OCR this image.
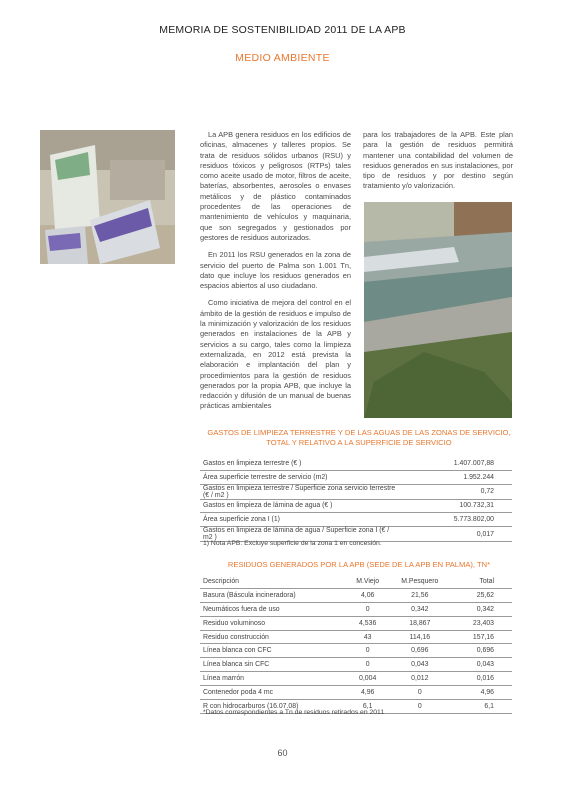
MEMORIA DE SOSTENIBILIDAD 2011 DE LA APB
MEDIO AMBIENTE

La APB genera residuos en los edificios de oficinas, almacenes y talleres propios. Se trata de residuos sólidos urbanos (RSU) y residuos tóxicos y peligrosos (RTPs) tales como aceite usado de motor, filtros de aceite, baterías, absorbentes, aerosoles o envases metálicos y de plástico contaminados procedentes de las operaciones de mantenimiento de vehículos y maquinaria, que son segregados y gestionados por gestores de residuos autorizados.

En 2011 los RSU generados en la zona de servicio del puerto de Palma son 1.001 Tn, dato que incluye los residuos generados en espacios abiertos al uso ciudadano.

Como iniciativa de mejora del control en el ámbito de la gestión de residuos e impulso de la minimización y valorización de los residuos generados en instalaciones de la APB y servicios a su cargo, tales como la limpieza externalizada, en 2012 está prevista la elaboración e implantación del plan y procedimientos para la gestión de residuos generados por la propia APB, que incluye la redacción y difusión de un manual de buenas prácticas ambientales

para los trabajadores de la APB. Este plan para la gestión de residuos permitirá mantener una contabilidad del volumen de residuos generados en sus instalaciones, por tipo de residuos y por destino según tratamiento y/o valorización.

GASTOS DE LIMPIEZA TERRESTRE Y DE LAS AGUAS DE LAS ZONAS DE SERVICIO, TOTAL Y RELATIVO A LA SUPERFICIE DE SERVICIO
Gastos en limpieza terrestre (€ )	1.407.007,88
Área superficie terrestre de servicio (m2)	1.952.244
Gastos en limpieza terrestre / Superficie zona servicio terrestre (€ / m2 )	0,72
Gastos en limpieza de lámina de agua (€ )	100.732,31
Área superficie zona I (1)	5.773.802,00
Gastos en limpieza de lámina de agua / Superficie zona I (€ / m2 )	0,017
1) Nota APB: Excluye superficie de la zona 1 en concesión.
RESIDUOS GENERADOS POR LA APB (SEDE DE LA APB EN PALMA), TN*
Descripción	M.Viejo	M.Pesquero	Total
Basura (Báscula incineradora)	4,06	21,56	25,62
Neumáticos fuera de uso	0	0,342	0,342
Residuo voluminoso	4,536	18,867	23,403
Residuo construcción	43	114,16	157,16
Línea blanca con CFC	0	0,696	0,696
Línea blanca sin CFC	0	0,043	0,043
Línea marrón	0,004	0,012	0,016
Contenedor poda 4 mc	4,96	0	4,96
R con hidrocarburos (16.07.08)	6,1	0	6,1
*Datos correspondientes a Tn de residuos retirados en 2011
60
